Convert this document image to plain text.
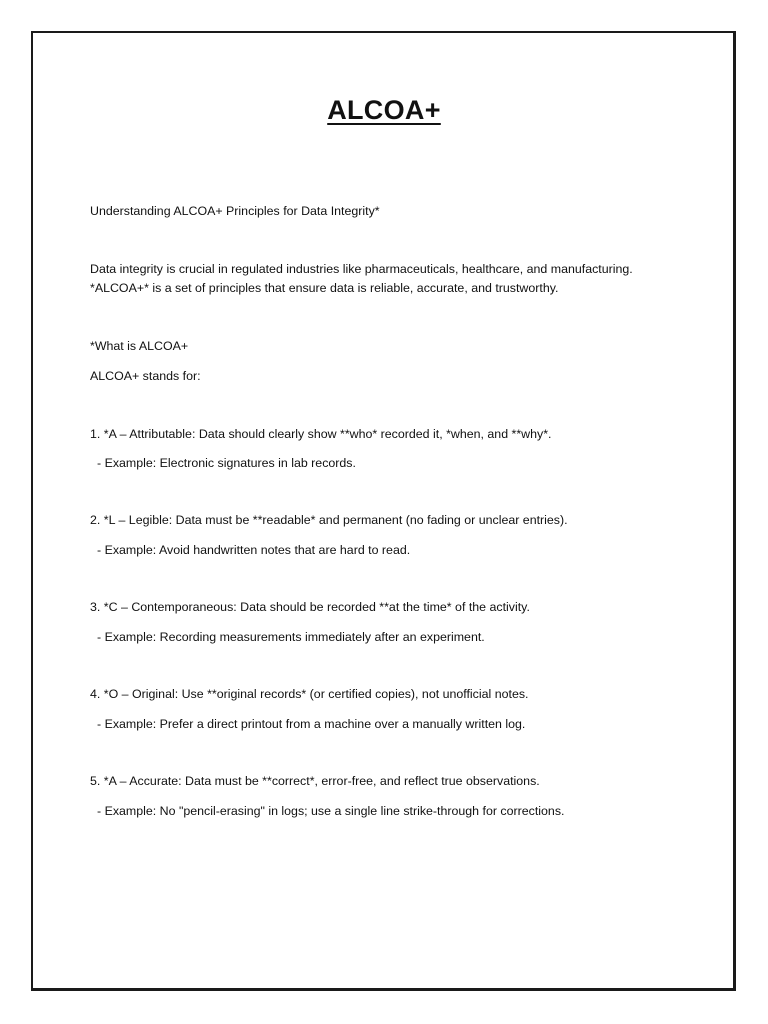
ALCOA+
Understanding ALCOA+ Principles for Data Integrity*
Data integrity is crucial in regulated industries like pharmaceuticals, healthcare, and manufacturing.
*ALCOA+* is a set of principles that ensure data is reliable, accurate, and trustworthy.
*What is ALCOA+
ALCOA+ stands for:
1. *A – Attributable: Data should clearly show **who* recorded it, *when, and **why*.
- Example: Electronic signatures in lab records.
2. *L – Legible: Data must be **readable* and permanent (no fading or unclear entries).
- Example: Avoid handwritten notes that are hard to read.
3. *C – Contemporaneous: Data should be recorded **at the time* of the activity.
- Example: Recording measurements immediately after an experiment.
4. *O – Original: Use **original records* (or certified copies), not unofficial notes.
- Example: Prefer a direct printout from a machine over a manually written log.
5. *A – Accurate: Data must be **correct*, error-free, and reflect true observations.
- Example: No "pencil-erasing" in logs; use a single line strike-through for corrections.
